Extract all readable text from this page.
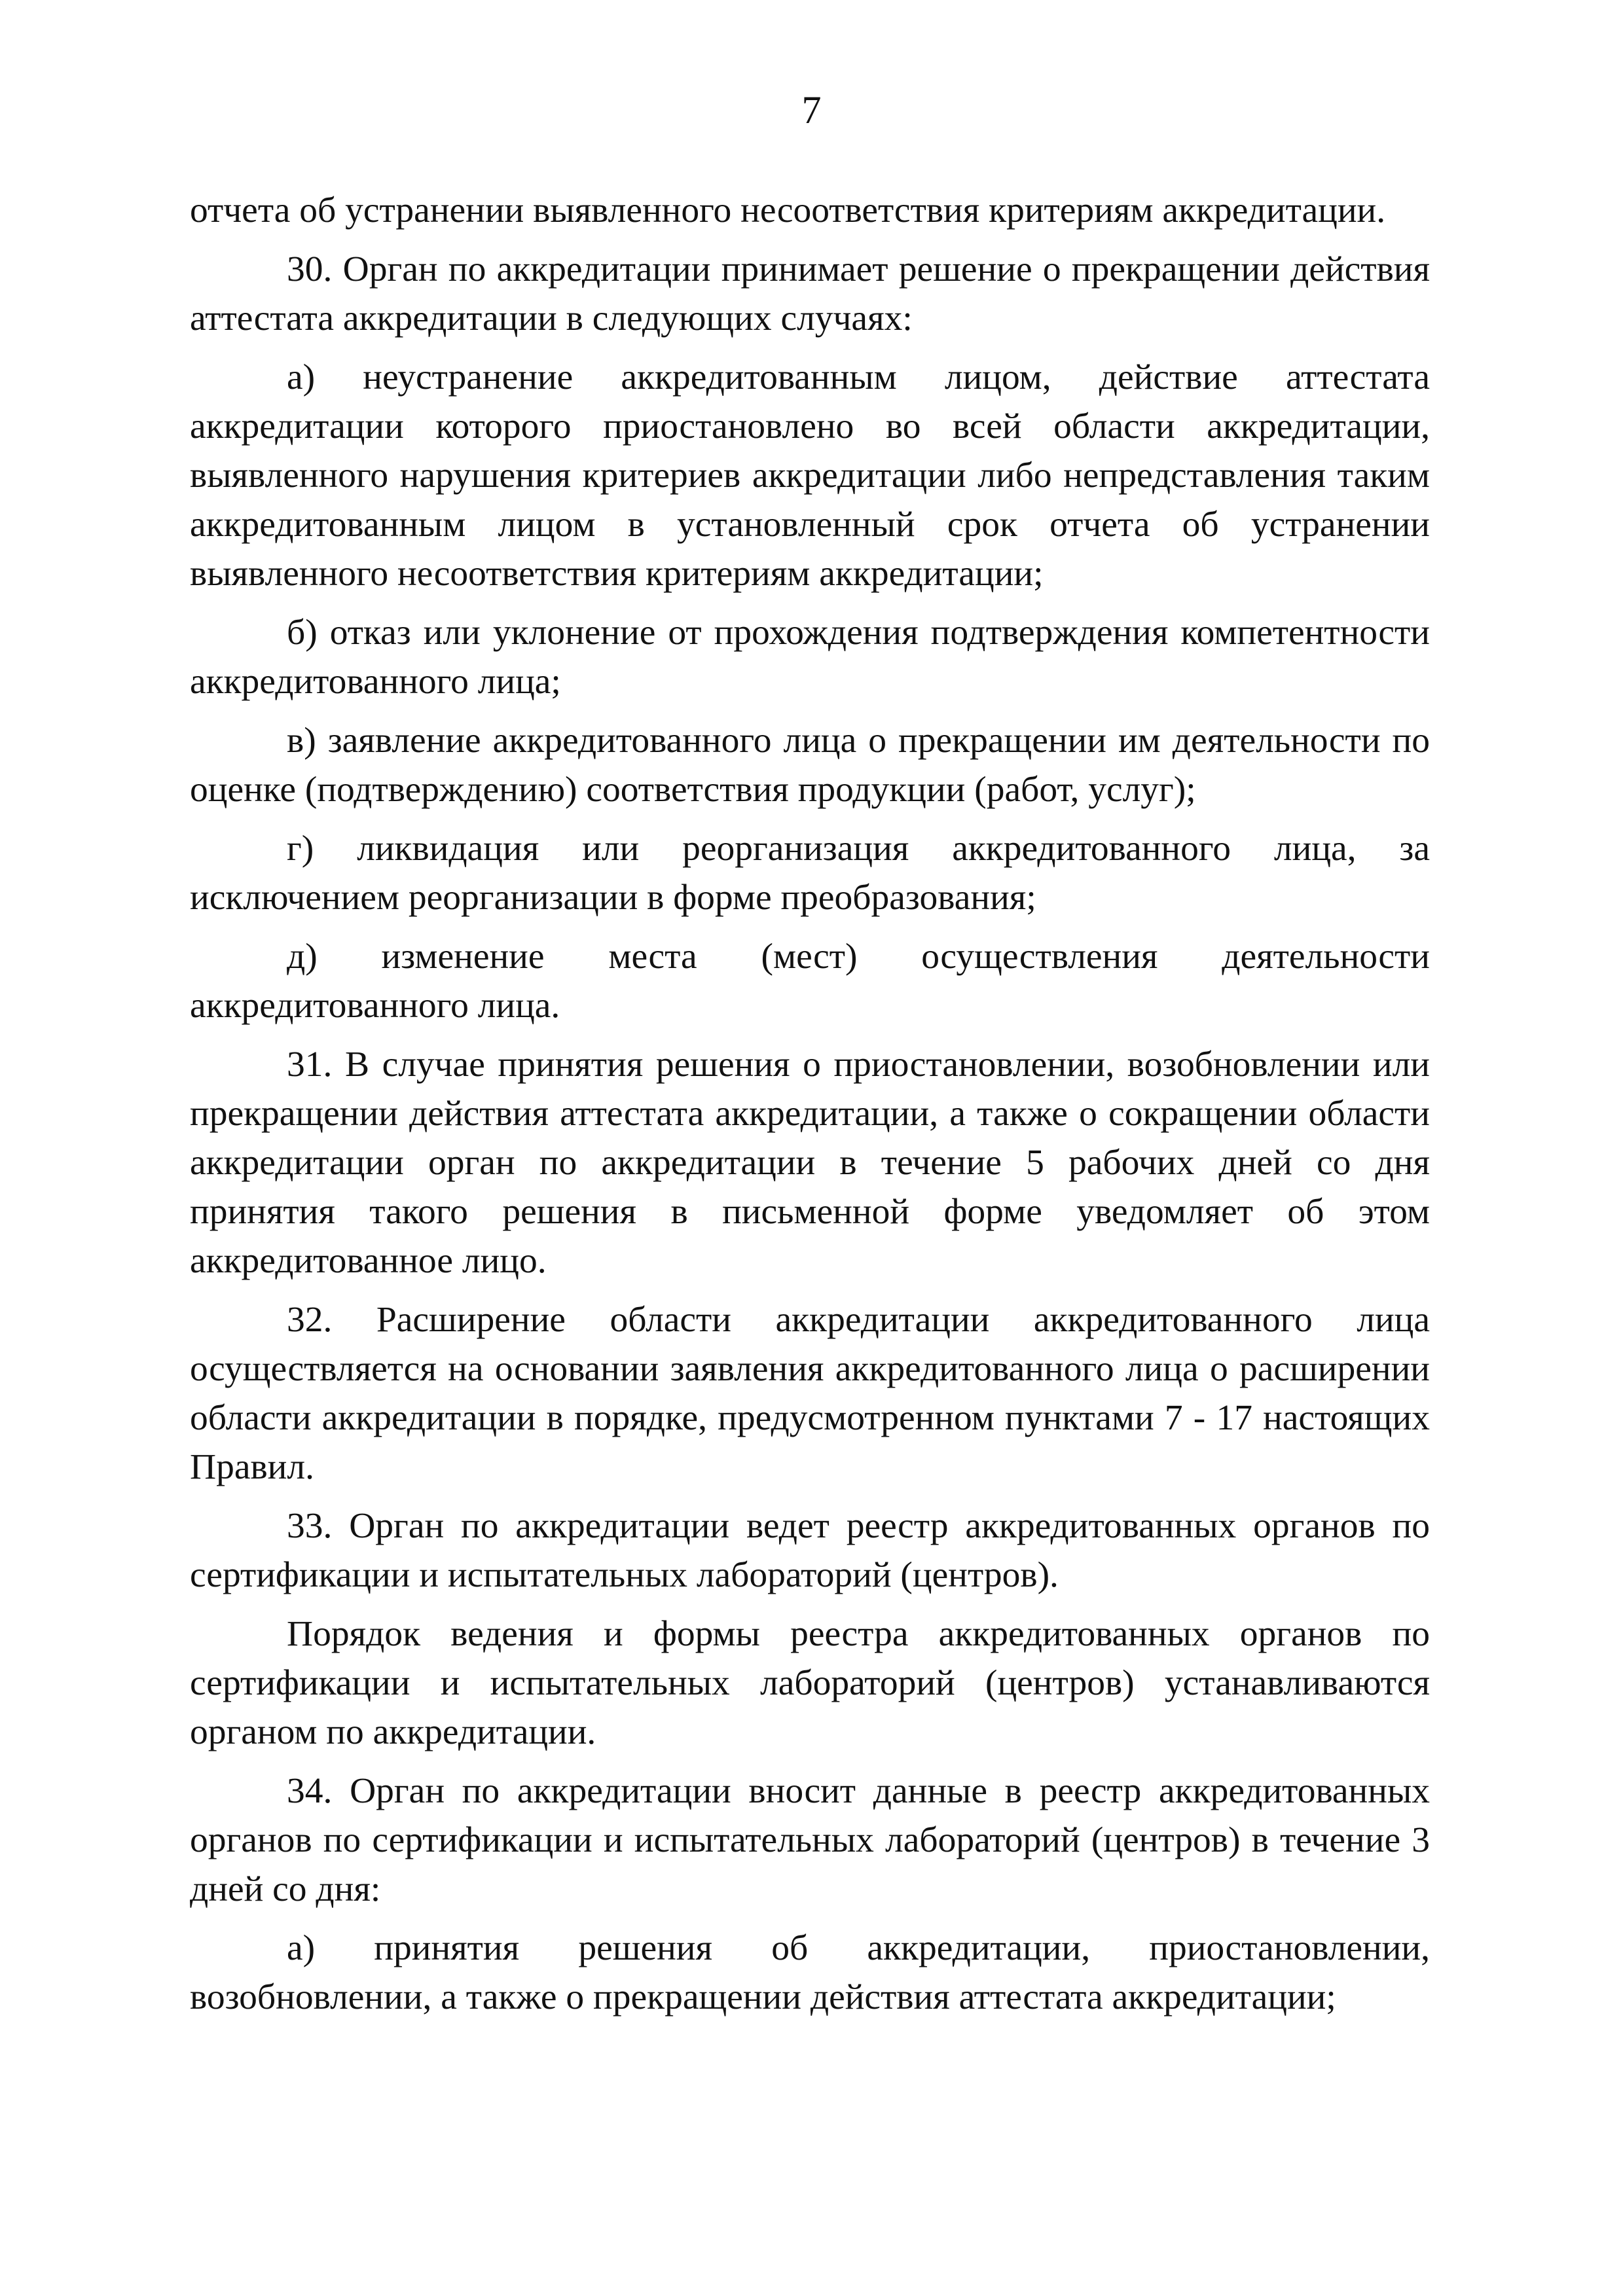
7

отчета об устранении выявленного несоответствия критериям аккредитации.

30. Орган по аккредитации принимает решение о прекращении действия аттестата аккредитации в следующих случаях:

а) неустранение аккредитованным лицом, действие аттестата аккредитации которого приостановлено во всей области аккредитации, выявленного нарушения критериев аккредитации либо непредставления таким аккредитованным лицом в установленный срок отчета об устранении выявленного несоответствия критериям аккредитации;

б) отказ или уклонение от прохождения подтверждения компетентности аккредитованного лица;

в) заявление аккредитованного лица о прекращении им деятельности по оценке (подтверждению) соответствия продукции (работ, услуг);

г) ликвидация или реорганизация аккредитованного лица, за исключением реорганизации в форме преобразования;

д) изменение места (мест) осуществления деятельности аккредитованного лица.

31. В случае принятия решения о приостановлении, возобновлении или прекращении действия аттестата аккредитации, а также о сокращении области аккредитации орган по аккредитации в течение 5 рабочих дней со дня принятия такого решения в письменной форме уведомляет об этом аккредитованное лицо.

32. Расширение области аккредитации аккредитованного лица осуществляется на основании заявления аккредитованного лица о расширении области аккредитации в порядке, предусмотренном пунктами 7 - 17 настоящих Правил.

33. Орган по аккредитации ведет реестр аккредитованных органов по сертификации и испытательных лабораторий (центров).

Порядок ведения и формы реестра аккредитованных органов по сертификации и испытательных лабораторий (центров) устанавливаются органом по аккредитации.

34. Орган по аккредитации вносит данные в реестр аккредитованных органов по сертификации и испытательных лабораторий (центров) в течение 3 дней со дня:

а) принятия решения об аккредитации, приостановлении, возобновлении, а также о прекращении действия аттестата аккредитации;
